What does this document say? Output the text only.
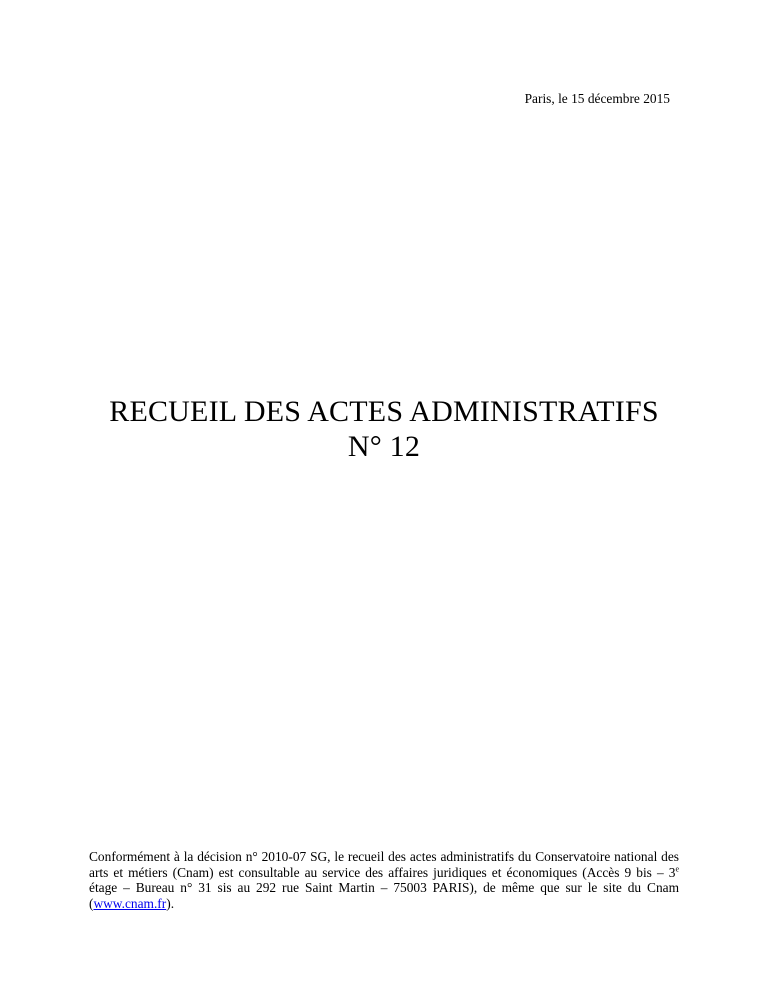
Paris, le 15 décembre 2015
RECUEIL DES ACTES ADMINISTRATIFS
N° 12
Conformément à la décision n° 2010-07 SG, le recueil des actes administratifs du Conservatoire national des arts et métiers (Cnam) est consultable au service des affaires juridiques et économiques (Accès 9 bis – 3e étage – Bureau n° 31 sis au 292 rue Saint Martin – 75003 PARIS), de même que sur le site du Cnam (www.cnam.fr).
